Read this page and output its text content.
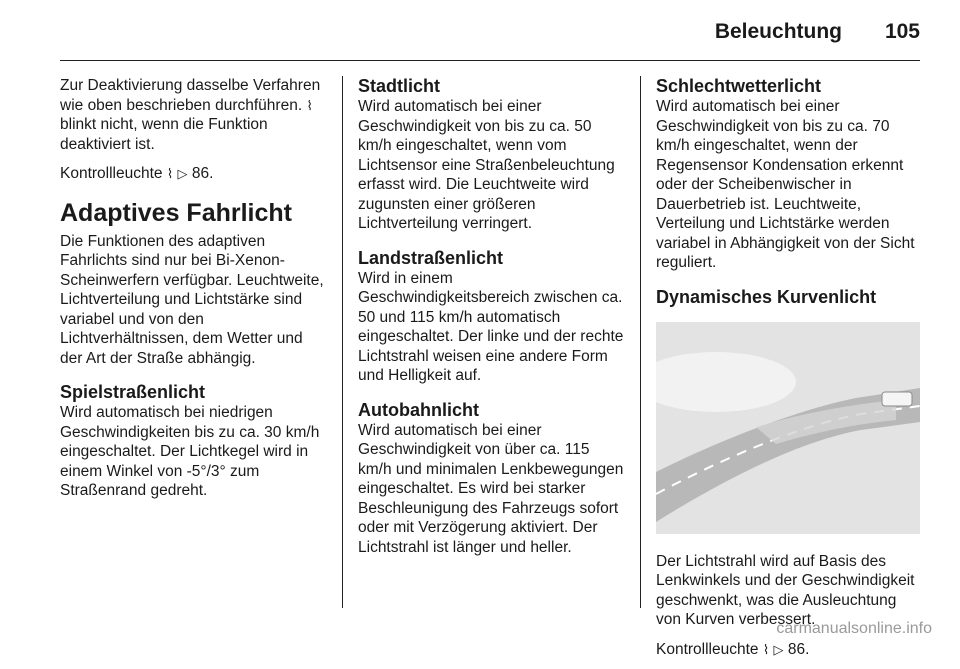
Beleuchtung 105

Zur Deaktivierung dasselbe Verfahren wie oben beschrieben durchführen. ⌇ blinkt nicht, wenn die Funktion deaktiviert ist.

Kontrollleuchte ⌇ ▷ 86.

Adaptives Fahrlicht

Die Funktionen des adaptiven Fahrlichts sind nur bei Bi-Xenon-Scheinwerfern verfügbar. Leuchtweite, Lichtverteilung und Lichtstärke sind variabel und von den Lichtverhältnissen, dem Wetter und der Art der Straße abhängig.

Spielstraßenlicht

Wird automatisch bei niedrigen Geschwindigkeiten bis zu ca. 30 km/h eingeschaltet. Der Lichtkegel wird in einem Winkel von -5°/3° zum Straßenrand gedreht.

Stadtlicht

Wird automatisch bei einer Geschwindigkeit von bis zu ca. 50 km/h eingeschaltet, wenn vom Lichtsensor eine Straßenbeleuchtung erfasst wird. Die Leuchtweite wird zugunsten einer größeren Lichtverteilung verringert.

Landstraßenlicht

Wird in einem Geschwindigkeitsbereich zwischen ca. 50 und 115 km/h automatisch eingeschaltet. Der linke und der rechte Lichtstrahl weisen eine andere Form und Helligkeit auf.

Autobahnlicht

Wird automatisch bei einer Geschwindigkeit von über ca. 115 km/h und minimalen Lenkbewegungen eingeschaltet. Es wird bei starker Beschleunigung des Fahrzeugs sofort oder mit Verzögerung aktiviert. Der Lichtstrahl ist länger und heller.

Schlechtwetterlicht

Wird automatisch bei einer Geschwindigkeit von bis zu ca. 70 km/h eingeschaltet, wenn der Regensensor Kondensation erkennt oder der Scheibenwischer in Dauerbetrieb ist. Leuchtweite, Verteilung und Lichtstärke werden variabel in Abhängigkeit von der Sicht reguliert.

Dynamisches Kurvenlicht

Der Lichtstrahl wird auf Basis des Lenkwinkels und der Geschwindigkeit geschwenkt, was die Ausleuchtung von Kurven verbessert.

Kontrollleuchte ⌇ ▷ 86.

carmanualsonline.info
